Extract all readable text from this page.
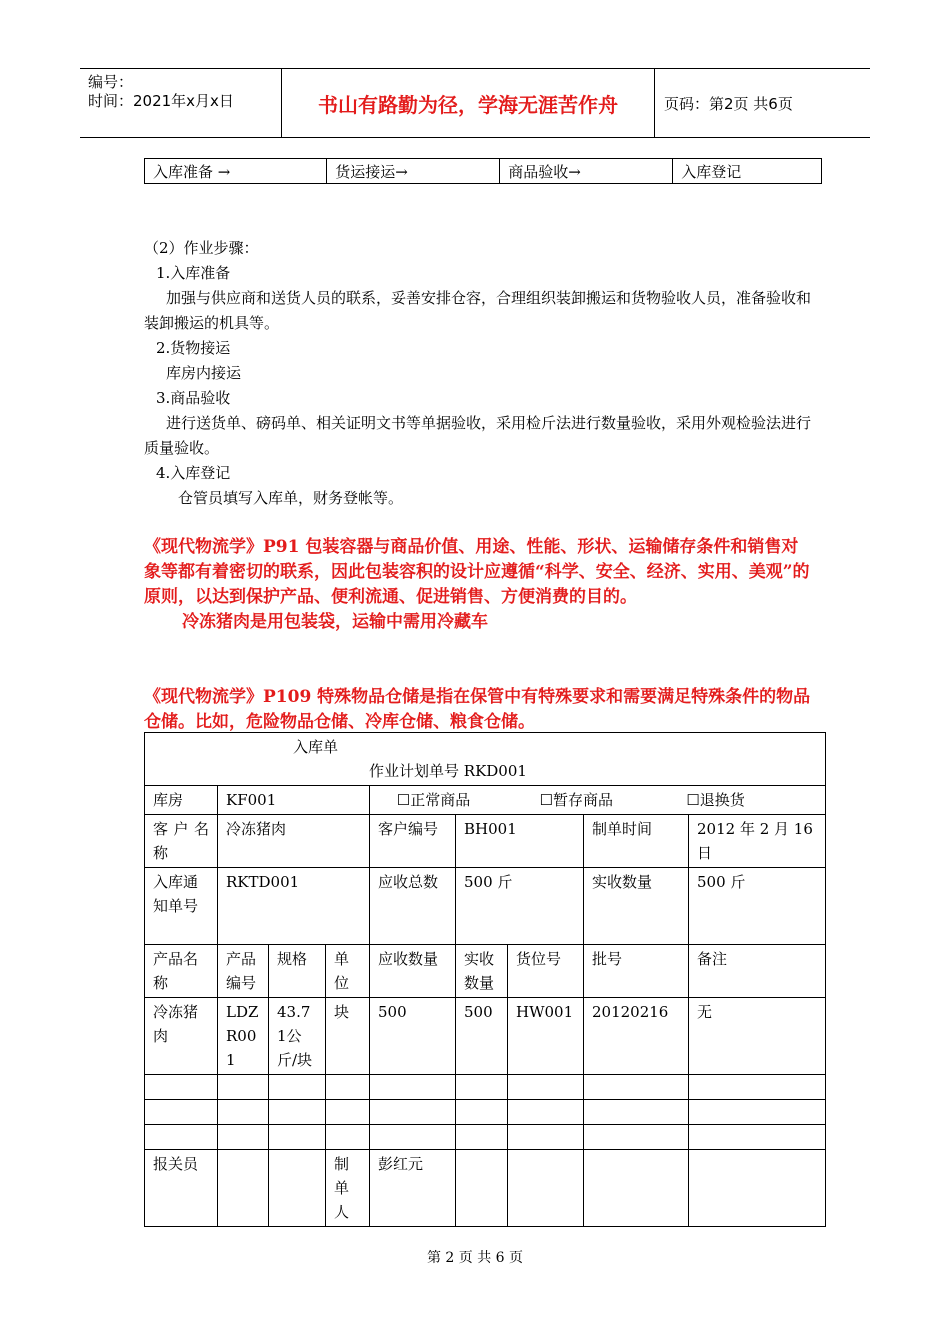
编号：
时间：2021年x月x日	书山有路勤为径，学海无涯苦作舟	页码：第2页 共6页
入库准备 →	货运接运→	商品验收→	入库登记

（2）作业步骤：

1.入库准备

加强与供应商和送货人员的联系，妥善安排仓容，合理组织装卸搬运和货物验收人员，准备验收和装卸搬运的机具等。

2.货物接运

库房内接运

3.商品验收

进行送货单、磅码单、相关证明文书等单据验收，采用检斤法进行数量验收，采用外观检验法进行质量验收。

4.入库登记

仓管员填写入库单，财务登帐等。

《现代物流学》P91 包装容器与商品价值、用途、性能、形状、运输储存条件和销售对象等都有着密切的联系，因此包装容积的设计应遵循“科学、安全、经济、实用、美观”的原则，以达到保护产品、便利流通、促进销售、方便消费的目的。

冷冻猪肉是用包装袋，运输中需用冷藏车

《现代物流学》P109 特殊物品仓储是指在保管中有特殊要求和需要满足特殊条件的物品仓储。比如，危险物品仓储、冷库仓储、粮食仓储。

入库单
作业计划单号 RKD001								

库房	KF001			☐正常商品 ☐暂存商品 ☐退换货				
客户名称	冷冻猪肉			客户编号	BH001		制单时间	2012 年 2 月 16 日
入库通知单号	RKTD001			应收总数	500 斤		实收数量	500 斤
产品名称	产品编号	规格	单位	应收数量	实收数量	货位号	批号	备注
冷冻猪肉	LDZR001	43.71公斤/块	块	500	500	HW001	20120216	无

报关员			制单人	彭红元				
第 2 页 共 6 页
